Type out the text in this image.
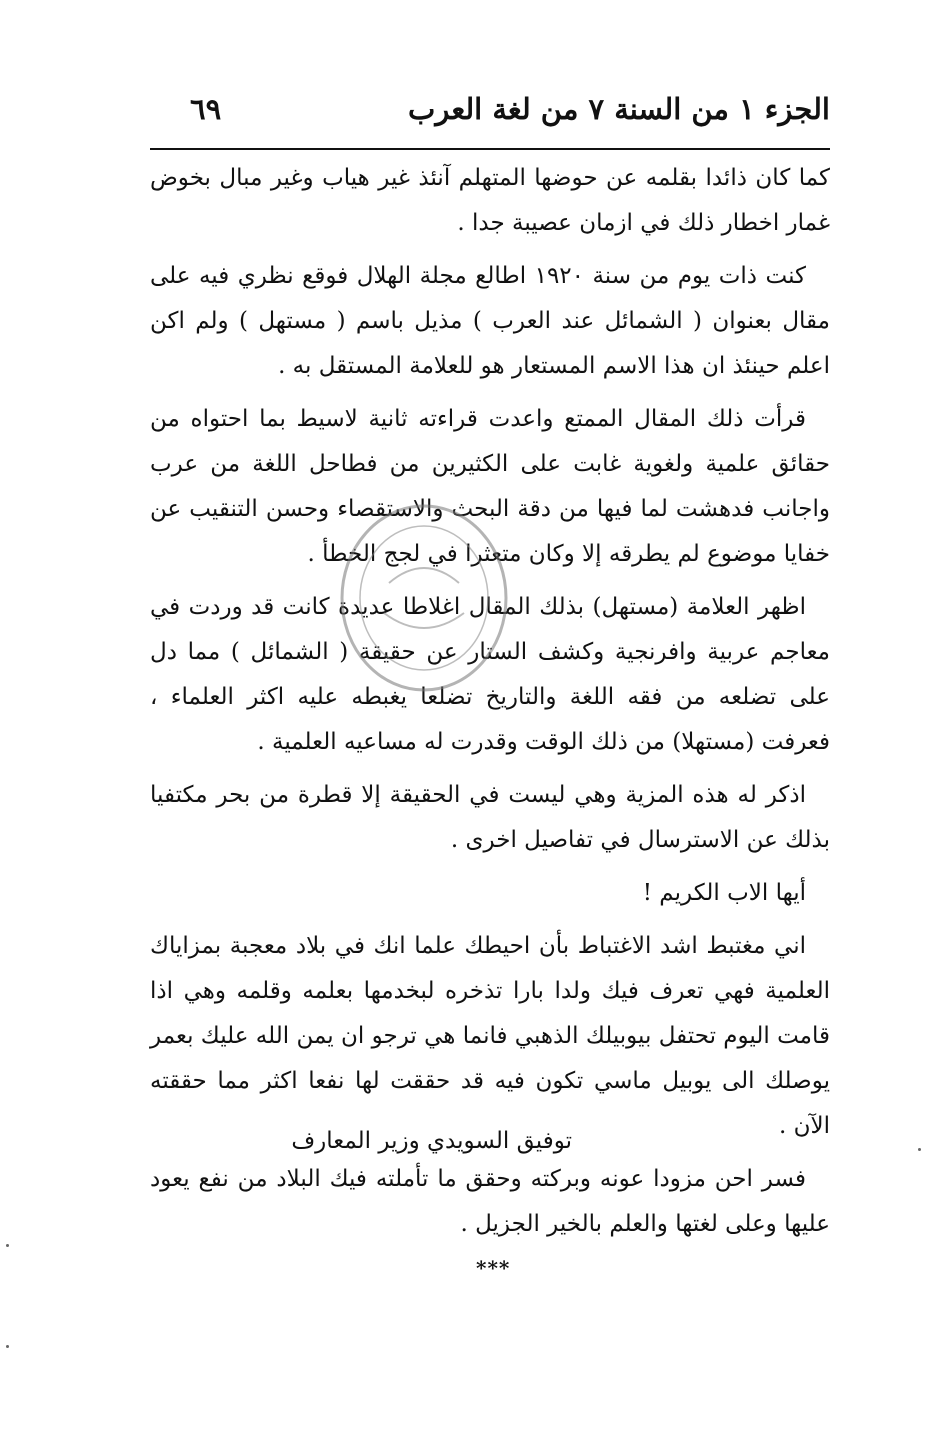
الجزء ١ من السنة ٧ من لغة العرب
٦٩

كما كان ذائدا بقلمه عن حوضها المتهلم آنئذ غير هياب وغير مبال بخوض غمار اخطار ذلك في ازمان عصيبة جدا .

كنت ذات يوم من سنة ١٩٢٠ اطالع مجلة الهلال فوقع نظري فيه على مقال بعنوان ( الشمائل عند العرب ) مذيل باسم ( مستهل ) ولم اكن اعلم حينئذ ان هذا الاسم المستعار هو للعلامة المستقل به .

قرأت ذلك المقال الممتع واعدت قراءته ثانية لاسيط بما احتواه من حقائق علمية ولغوية غابت على الكثيرين من فطاحل اللغة من عرب واجانب فدهشت لما فيها من دقة البحث والاستقصاء وحسن التنقيب عن خفايا موضوع لم يطرقه إلا وكان متعثرا في لجج الخطأ .

اظهر العلامة (مستهل) بذلك المقال اغلاطا عديدة كانت قد وردت في معاجم عربية وافرنجية وكشف الستار عن حقيقة ( الشمائل ) مما دل على تضلعه من فقه اللغة والتاريخ تضلعا يغبطه عليه اكثر العلماء ، فعرفت (مستهلا) من ذلك الوقت وقدرت له مساعيه العلمية .

اذكر له هذه المزية وهي ليست في الحقيقة إلا قطرة من بحر مكتفيا بذلك عن الاسترسال في تفاصيل اخرى .

أيها الاب الكريم !

اني مغتبط اشد الاغتباط بأن احيطك علما انك في بلاد معجبة بمزاياك العلمية فهي تعرف فيك ولدا بارا تذخره لبخدمها بعلمه وقلمه وهي اذا قامت اليوم تحتفل بيوبيلك الذهبي فانما هي ترجو ان يمن الله عليك بعمر يوصلك الى يوبيل ماسي تكون فيه قد حققت لها نفعا اكثر مما حققته الآن .

فسر احن مزودا عونه وبركته وحقق ما تأملته فيك البلاد من نفع يعود عليها وعلى لغتها والعلم بالخير الجزيل .

توفيق السويدي وزير المعارف
***
